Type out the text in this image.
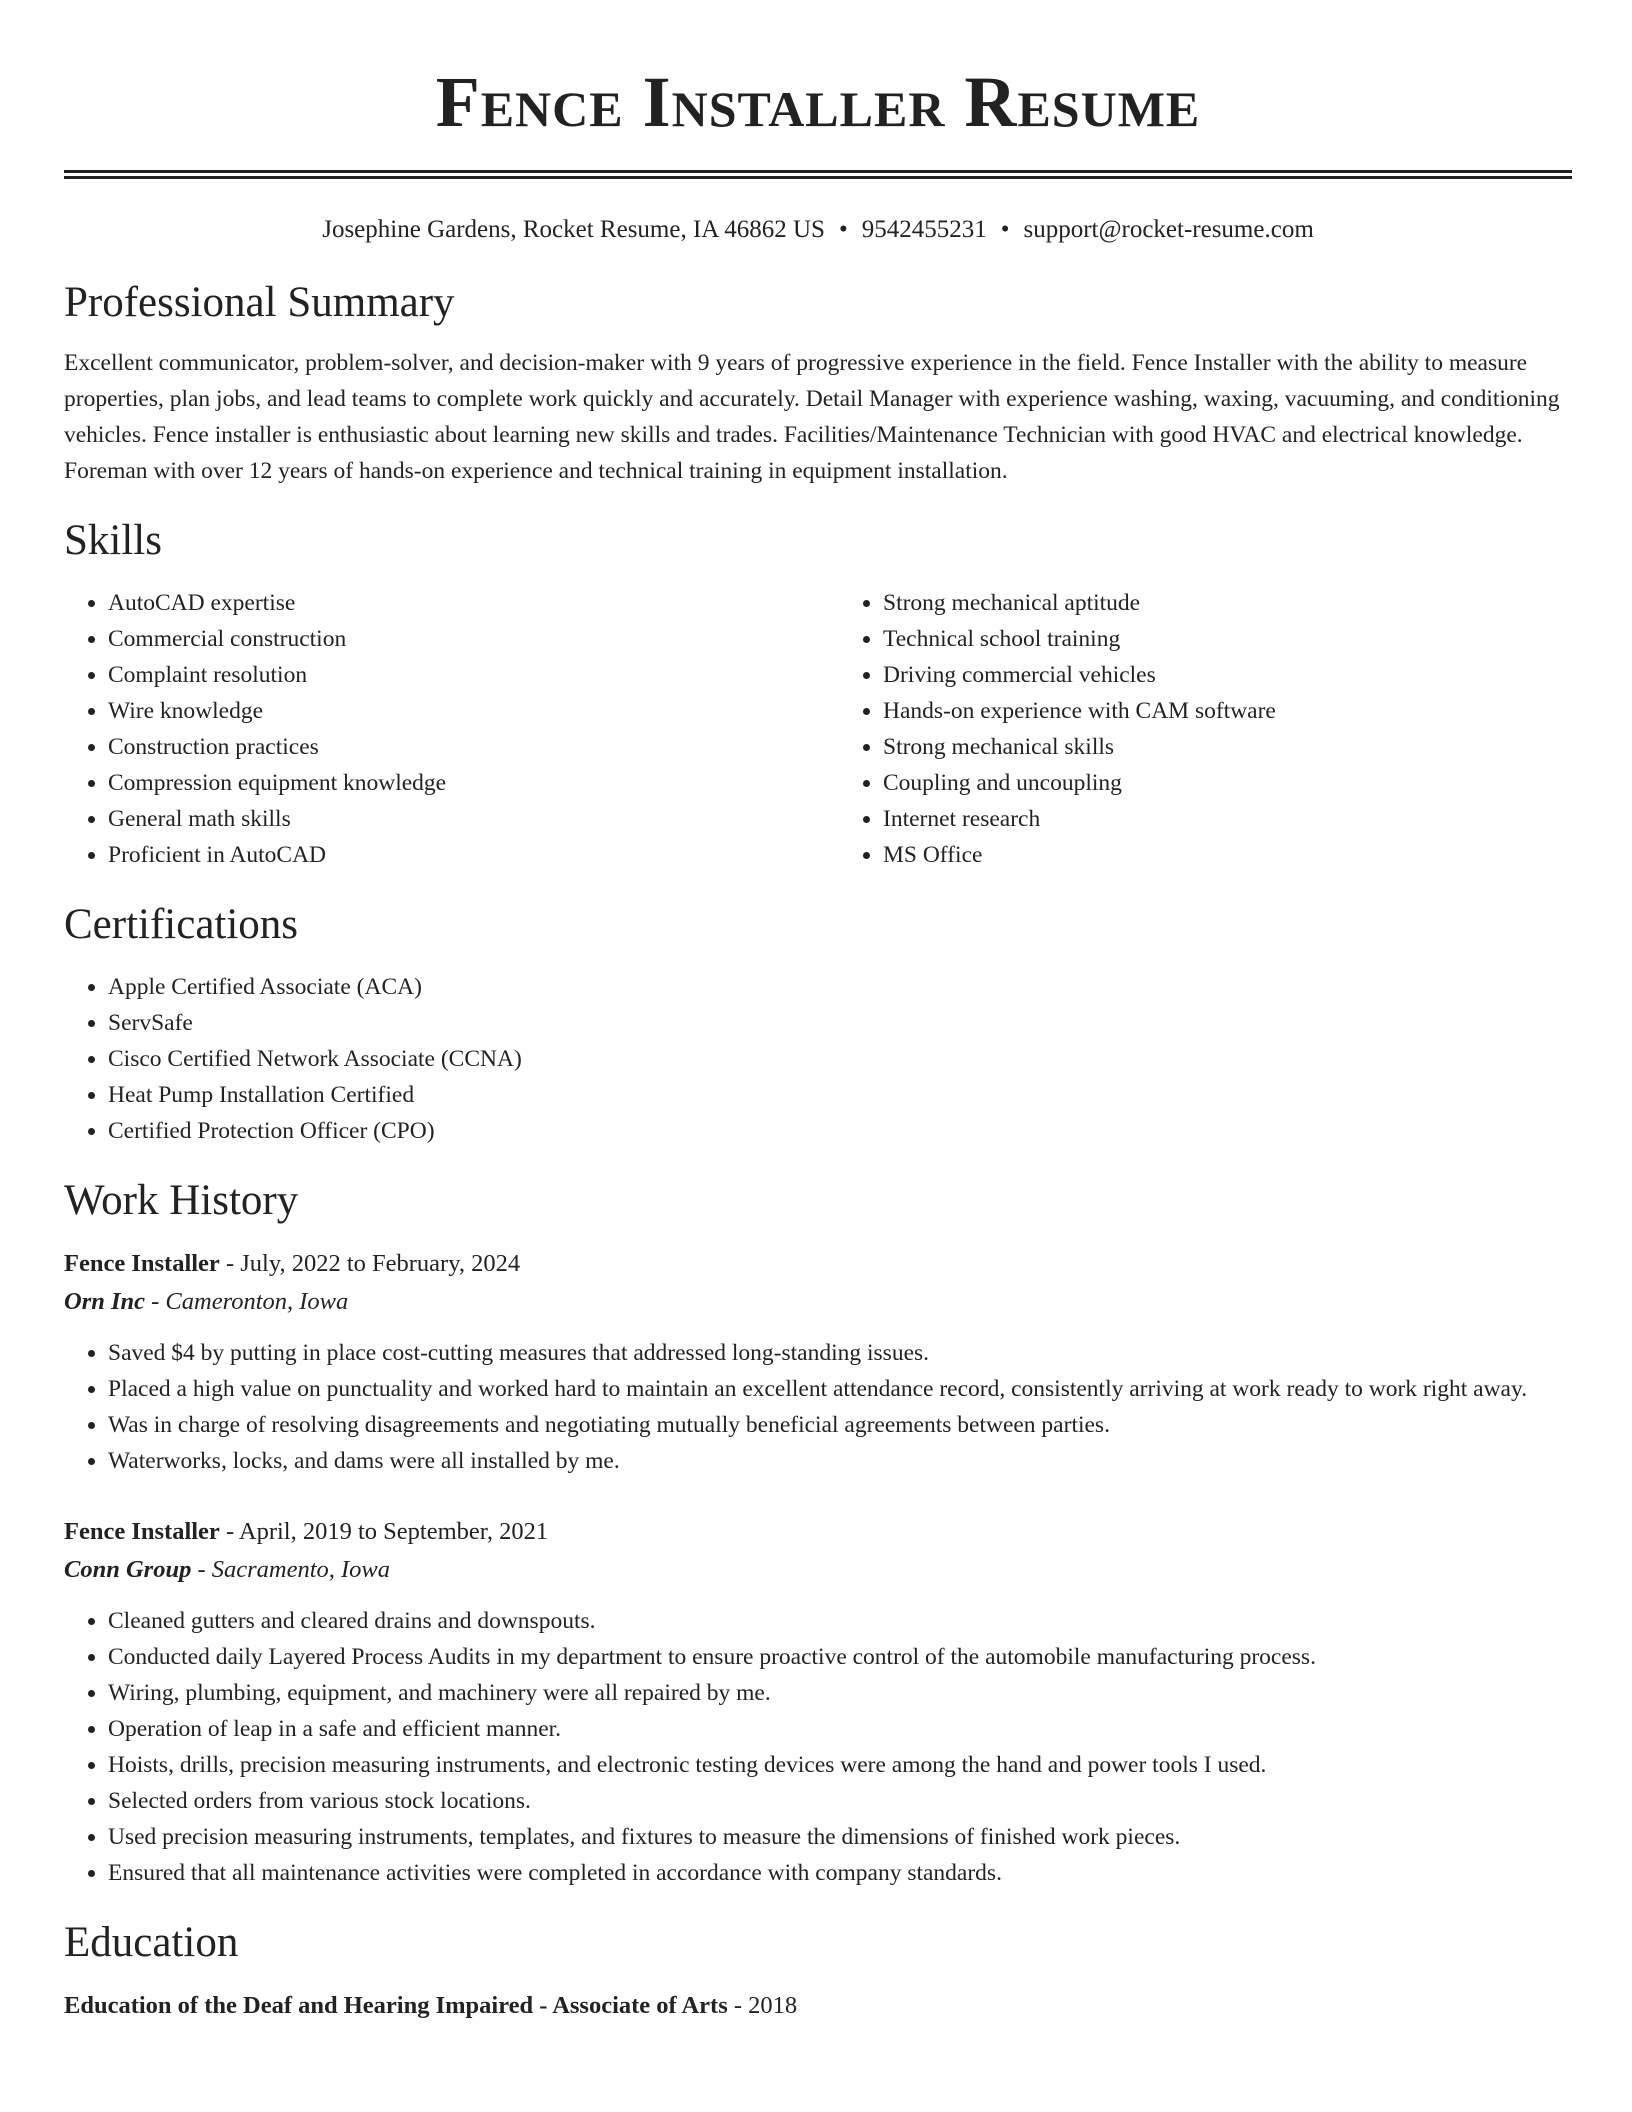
Fence Installer Resume
Josephine Gardens, Rocket Resume, IA 46862 US • 9542455231 • support@rocket-resume.com
Professional Summary

Excellent communicator, problem-solver, and decision-maker with 9 years of progressive experience in the field. Fence Installer with the ability to measure properties, plan jobs, and lead teams to complete work quickly and accurately. Detail Manager with experience washing, waxing, vacuuming, and conditioning vehicles. Fence installer is enthusiastic about learning new skills and trades. Facilities/Maintenance Technician with good HVAC and electrical knowledge. Foreman with over 12 years of hands-on experience and technical training in equipment installation.

Skills
• AutoCAD expertise
• Commercial construction
• Complaint resolution
• Wire knowledge
• Construction practices
• Compression equipment knowledge
• General math skills
• Proficient in AutoCAD
• Strong mechanical aptitude
• Technical school training
• Driving commercial vehicles
• Hands-on experience with CAM software
• Strong mechanical skills
• Coupling and uncoupling
• Internet research
• MS Office
Certifications
• Apple Certified Associate (ACA)
• ServSafe
• Cisco Certified Network Associate (CCNA)
• Heat Pump Installation Certified
• Certified Protection Officer (CPO)
Work History
Fence Installer - July, 2022 to February, 2024
Orn Inc - Cameronton, Iowa
• Saved $4 by putting in place cost-cutting measures that addressed long-standing issues.
• Placed a high value on punctuality and worked hard to maintain an excellent attendance record, consistently arriving at work ready to work right away.
• Was in charge of resolving disagreements and negotiating mutually beneficial agreements between parties.
• Waterworks, locks, and dams were all installed by me.
Fence Installer - April, 2019 to September, 2021
Conn Group - Sacramento, Iowa
• Cleaned gutters and cleared drains and downspouts.
• Conducted daily Layered Process Audits in my department to ensure proactive control of the automobile manufacturing process.
• Wiring, plumbing, equipment, and machinery were all repaired by me.
• Operation of leap in a safe and efficient manner.
• Hoists, drills, precision measuring instruments, and electronic testing devices were among the hand and power tools I used.
• Selected orders from various stock locations.
• Used precision measuring instruments, templates, and fixtures to measure the dimensions of finished work pieces.
• Ensured that all maintenance activities were completed in accordance with company standards.
Education
Education of the Deaf and Hearing Impaired - Associate of Arts - 2018
